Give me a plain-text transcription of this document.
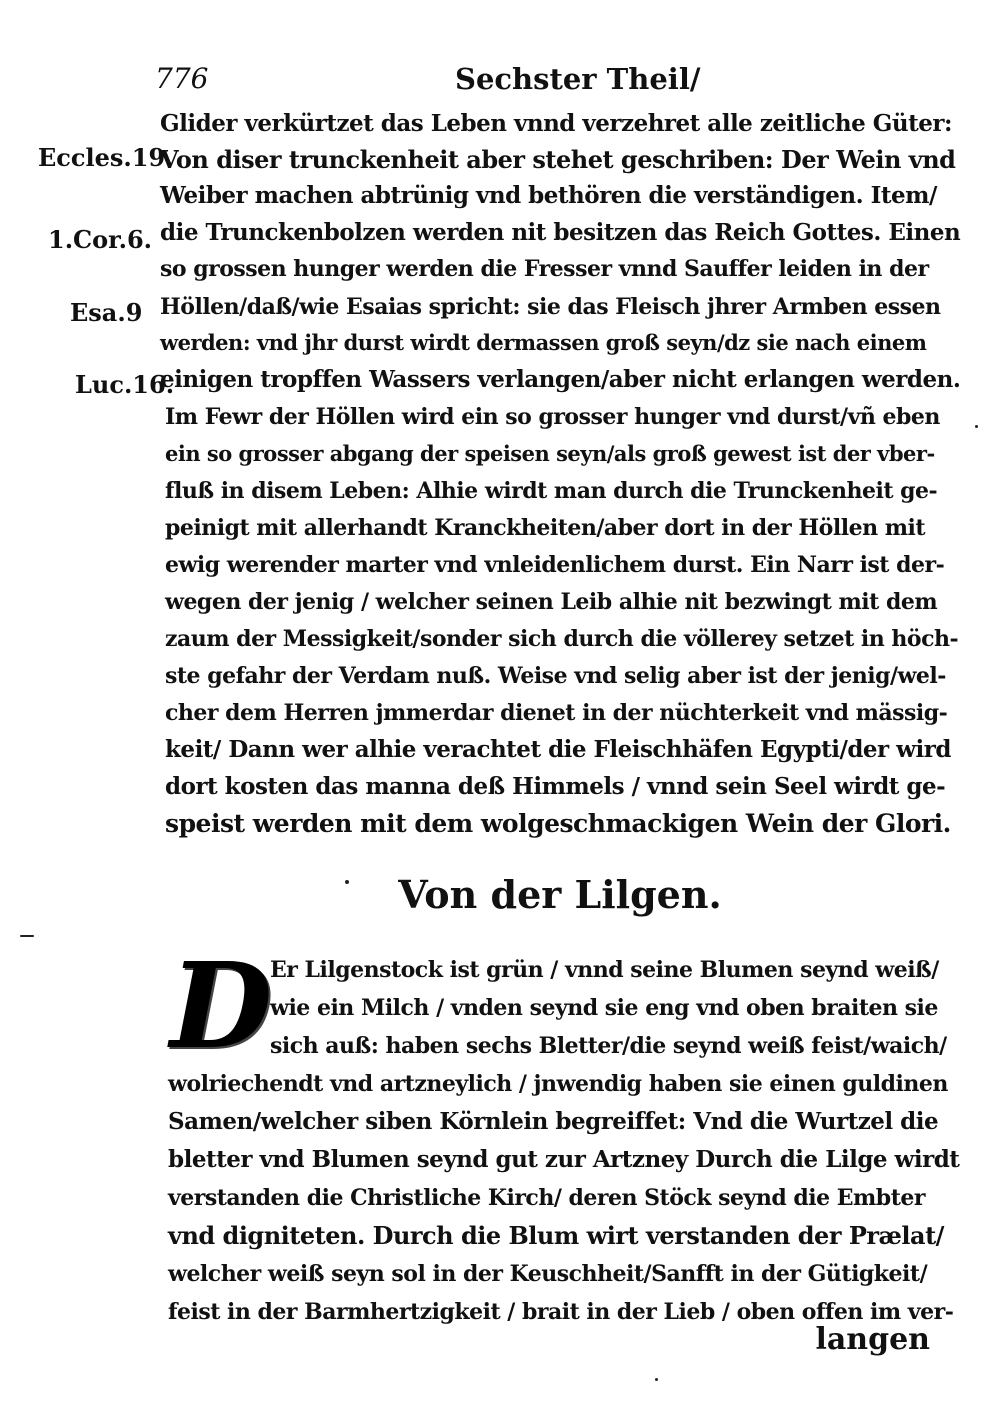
776	Sechster Theil/
Eccles.19.
1.Cor.6.
Esa.9
Luc.16.
Glider verkürtzet das Leben vnnd verzehret alle zeitliche Güter:
Von diser trunckenheit aber stehet geschriben: Der Wein vnd
Weiber machen abtrünig vnd bethören die verständigen. Item/
die Trunckenbolzen werden nit besitzen das Reich Gottes. Einen
so grossen hunger werden die Fresser vnnd Sauffer leiden in der
Höllen/daß/wie Esaias spricht: sie das Fleisch jhrer Armben essen
werden: vnd jhr durst wirdt dermassen groß seyn/dz sie nach einem
einigen tropffen Wassers verlangen/aber nicht erlangen werden.
Im Fewr der Höllen wird ein so grosser hunger vnd durst/vñ eben
ein so grosser abgang der speisen seyn/als groß gewest ist der vber-
fluß in disem Leben: Alhie wirdt man durch die Trunckenheit ge-
peinigt mit allerhandt Kranckheiten/aber dort in der Höllen mit
ewig werender marter vnd vnleidenlichem durst. Ein Narr ist der-
wegen der jenig / welcher seinen Leib alhie nit bezwingt mit dem
zaum der Messigkeit/sonder sich durch die völlerey setzet in höch-
ste gefahr der Verdam nuß. Weise vnd selig aber ist der jenig/wel-
cher dem Herren jmmerdar dienet in der nüchterkeit vnd mässig-
keit/ Dann wer alhie verachtet die Fleischhäfen Egypti/der wird
dort kosten das manna deß Himmels / vnnd sein Seel wirdt ge-
speist werden mit dem wolgeschmackigen Wein der Glori.
Von der Lilgen.
D
Er Lilgenstock ist grün / vnnd seine Blumen seynd weiß/
wie ein Milch / vnden seynd sie eng vnd oben braiten sie
sich auß: haben sechs Bletter/die seynd weiß feist/waich/
wolriechendt vnd artzneylich / jnwendig haben sie einen guldinen
Samen/welcher siben Körnlein begreiffet: Vnd die Wurtzel die
bletter vnd Blumen seynd gut zur Artzney Durch die Lilge wirdt
verstanden die Christliche Kirch/ deren Stöck seynd die Embter
vnd digniteten. Durch die Blum wirt verstanden der Prælat/
welcher weiß seyn sol in der Keuschheit/Sanfft in der Gütigkeit/
feist in der Barmhertzigkeit / brait in der Lieb / oben offen im ver-
langen
